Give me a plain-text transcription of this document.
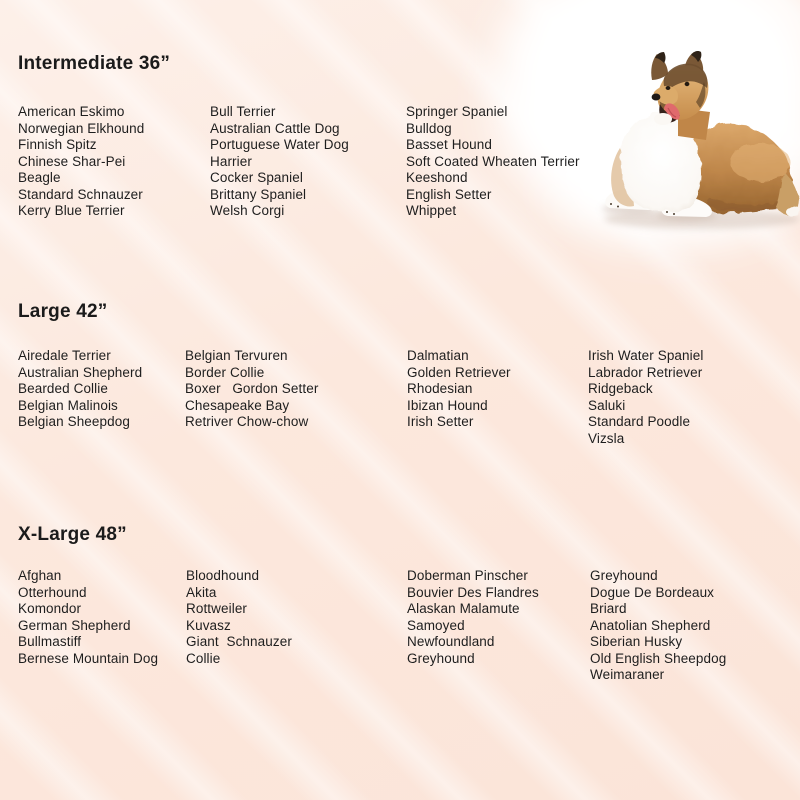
Intermediate 36”
American Eskimo
Norwegian Elkhound
Finnish Spitz
Chinese Shar-Pei
Beagle
Standard Schnauzer
Kerry Blue Terrier
Bull Terrier
Australian Cattle Dog
Portuguese Water Dog
Harrier
Cocker Spaniel
Brittany Spaniel
Welsh Corgi
Springer Spaniel
Bulldog
Basset Hound
Soft Coated Wheaten Terrier
Keeshond
English Setter
Whippet
Large 42”
Airedale Terrier
Australian Shepherd
Bearded Collie
Belgian Malinois
Belgian Sheepdog
Belgian Tervuren
Border Collie
Boxer   Gordon Setter
Chesapeake Bay
Retriver Chow-chow
Dalmatian
Golden Retriever
Rhodesian
Ibizan Hound
Irish Setter
Irish Water Spaniel
Labrador Retriever
Ridgeback
Saluki
Standard Poodle
Vizsla
X-Large 48”
Afghan
Otterhound
Komondor
German Shepherd
Bullmastiff
Bernese Mountain Dog
Bloodhound
Akita
Rottweiler
Kuvasz
Giant  Schnauzer
Collie
Doberman Pinscher
Bouvier Des Flandres
Alaskan Malamute
Samoyed
Newfoundland
Greyhound
Greyhound
Dogue De Bordeaux
Briard
Anatolian Shepherd
Siberian Husky
Old English Sheepdog
Weimaraner
